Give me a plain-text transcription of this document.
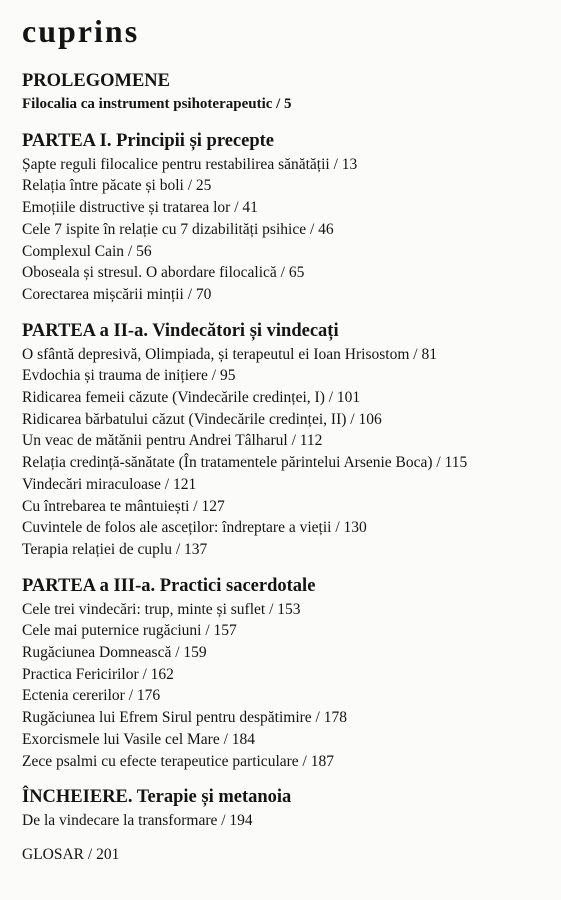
cuprins
PROLEGOMENE
Filocalia ca instrument psihoterapeutic / 5
PARTEA I. Principii și precepte
Șapte reguli filocalice pentru restabilirea sănătății / 13
Relația între păcate și boli / 25
Emoțiile distructive și tratarea lor / 41
Cele 7 ispite în relație cu 7 dizabilități psihice / 46
Complexul Cain / 56
Oboseala și stresul. O abordare filocalică / 65
Corectarea mișcării minții / 70
PARTEA a II-a. Vindecători și vindecați
O sfântă depresivă, Olimpiada, și terapeutul ei Ioan Hrisostom / 81
Evdochia și trauma de inițiere / 95
Ridicarea femeii căzute (Vindecările credinței, I) / 101
Ridicarea bărbatului căzut (Vindecările credinței, II) / 106
Un veac de mătănii pentru Andrei Tâlharul / 112
Relația credință-sănătate (În tratamentele părintelui Arsenie Boca) / 115
Vindecări miraculoase / 121
Cu întrebarea te mântuiești / 127
Cuvintele de folos ale asceților: îndreptare a vieții / 130
Terapia relației de cuplu / 137
PARTEA a III-a. Practici sacerdotale
Cele trei vindecări: trup, minte și suflet / 153
Cele mai puternice rugăciuni / 157
Rugăciunea Domnească / 159
Practica Fericirilor / 162
Ectenia cererilor / 176
Rugăciunea lui Efrem Sirul pentru despătimire / 178
Exorcismele lui Vasile cel Mare / 184
Zece psalmi cu efecte terapeutice particulare / 187
ÎNCHEIERE. Terapie și metanoia
De la vindecare la transformare / 194
GLOSAR / 201
